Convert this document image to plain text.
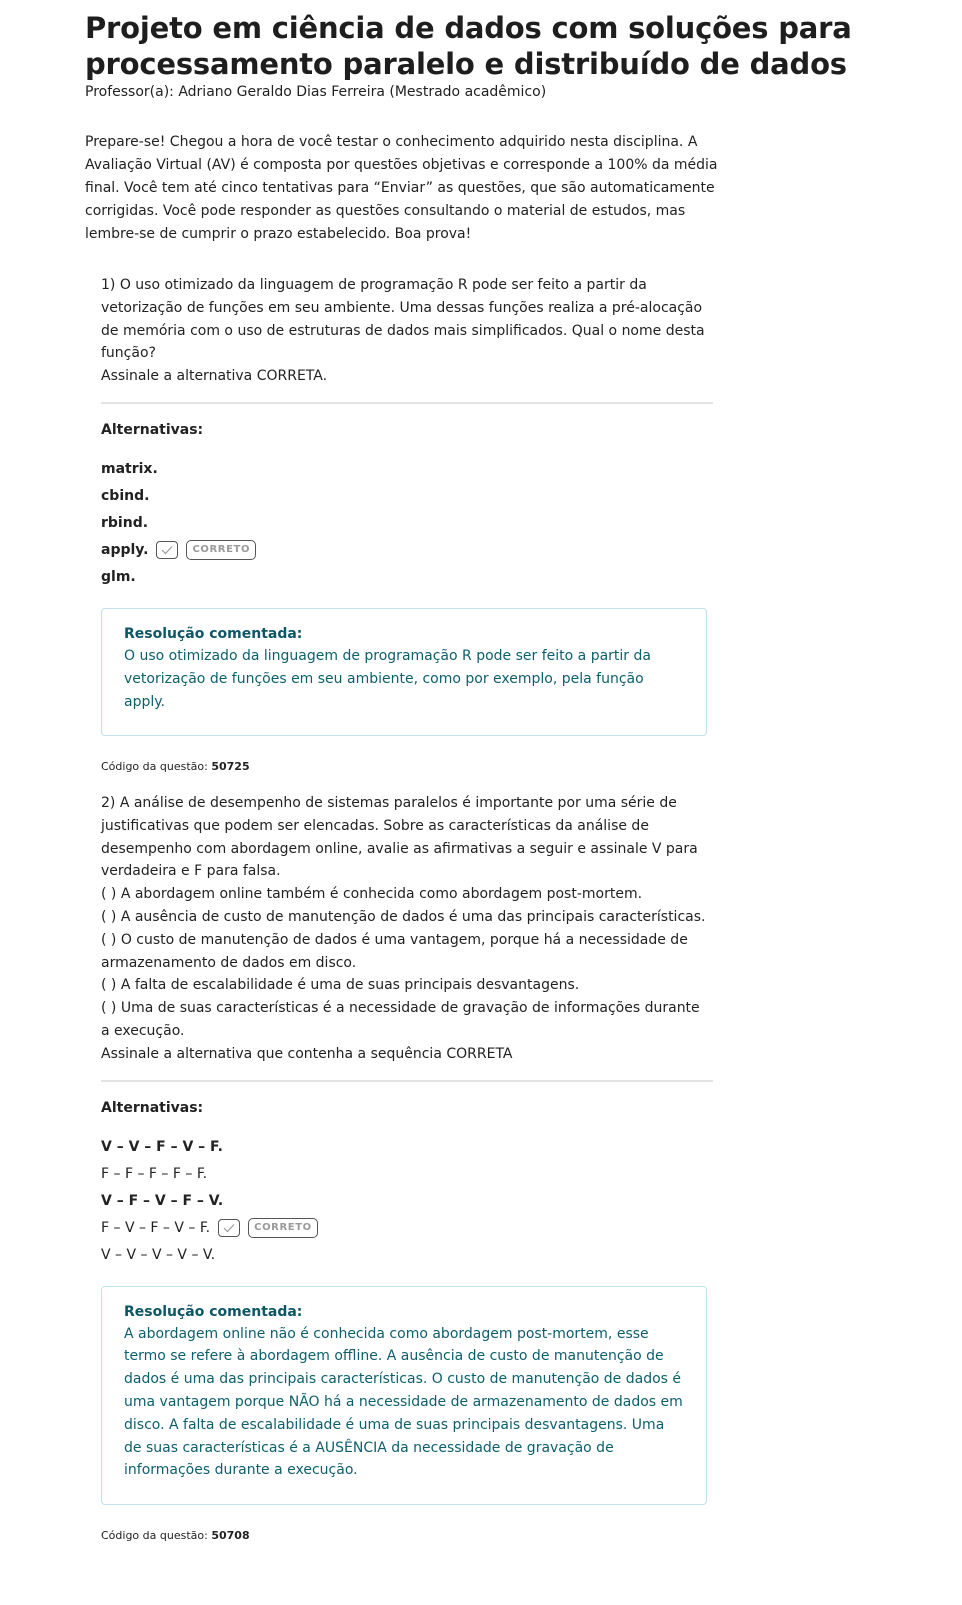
Projeto em ciência de dados com soluções para processamento paralelo e distribuído de dados
Professor(a): Adriano Geraldo Dias Ferreira (Mestrado acadêmico)
Prepare-se! Chegou a hora de você testar o conhecimento adquirido nesta disciplina. A Avaliação Virtual (AV) é composta por questões objetivas e corresponde a 100% da média final. Você tem até cinco tentativas para “Enviar” as questões, que são automaticamente corrigidas. Você pode responder as questões consultando o material de estudos, mas lembre-se de cumprir o prazo estabelecido. Boa prova!

1) O uso otimizado da linguagem de programação R pode ser feito a partir da vetorização de funções em seu ambiente. Uma dessas funções realiza a pré-alocação de memória com o uso de estruturas de dados mais simplificados. Qual o nome desta função?

Assinale a alternativa CORRETA.

Alternativas:
matrix.
cbind.
rbind.
apply.	CORRETO
glm.
Resolução comentada:

O uso otimizado da linguagem de programação R pode ser feito a partir da vetorização de funções em seu ambiente, como por exemplo, pela função apply.

Código da questão: 50725

2) A análise de desempenho de sistemas paralelos é importante por uma série de justificativas que podem ser elencadas. Sobre as características da análise de desempenho com abordagem online, avalie as afirmativas a seguir e assinale V para verdadeira e F para falsa.

( ) A abordagem online também é conhecida como abordagem post-mortem.

( ) A ausência de custo de manutenção de dados é uma das principais características.

( ) O custo de manutenção de dados é uma vantagem, porque há a necessidade de armazenamento de dados em disco.

( ) A falta de escalabilidade é uma de suas principais desvantagens.

( ) Uma de suas características é a necessidade de gravação de informações durante a execução.

Assinale a alternativa que contenha a sequência CORRETA

Alternativas:
V – V – F – V – F.
F – F – F – F – F.
V – F – V – F – V.
F – V – F – V – F.	CORRETO
V – V – V – V – V.
Resolução comentada:

A abordagem online não é conhecida como abordagem post-mortem, esse termo se refere à abordagem offline. A ausência de custo de manutenção de dados é uma das principais características. O custo de manutenção de dados é uma vantagem porque NÃO há a necessidade de armazenamento de dados em disco. A falta de escalabilidade é uma de suas principais desvantagens. Uma de suas características é a AUSÊNCIA da necessidade de gravação de informações durante a execução.

Código da questão: 50708
